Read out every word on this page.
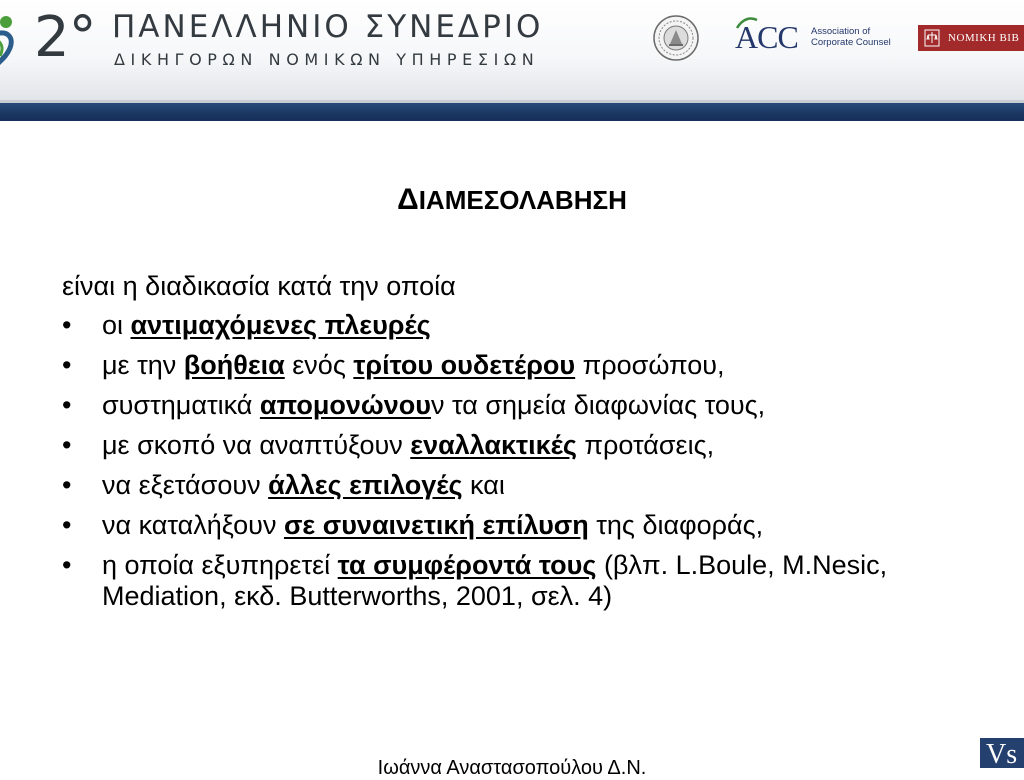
2° ΠΑΝΕΛΛΗΝΙΟ ΣΥΝΕΔΡΙΟ
ΔΙΚΗΓΟΡΩΝ ΝΟΜΙΚΩΝ ΥΠΗΡΕΣΙΩΝ
ACC Association of
Corporate Counsel	ΝΟΜΙΚΗ ΒΙΒ
ΔΙΑΜΕΣΟΛΑΒΗΣΗ
είναι η διαδικασία κατά την οποία
• οι αντιμαχόμενες πλευρές
• με την βοήθεια ενός τρίτου ουδετέρου προσώπου,
• συστηματικά απομονώνουν τα σημεία διαφωνίας τους,
• με σκοπό να αναπτύξουν εναλλακτικές προτάσεις,
• να εξετάσουν άλλες επιλογές και
• να καταλήξουν σε συναινετική επίλυση της διαφοράς,
• η οποία εξυπηρετεί τα συμφέροντά τους (βλπ. L.Boule, M.Nesic, Mediation, εκδ. Butterworths, 2001, σελ. 4)
Ιωάννα Αναστασοπούλου Δ.Ν.	Vs
